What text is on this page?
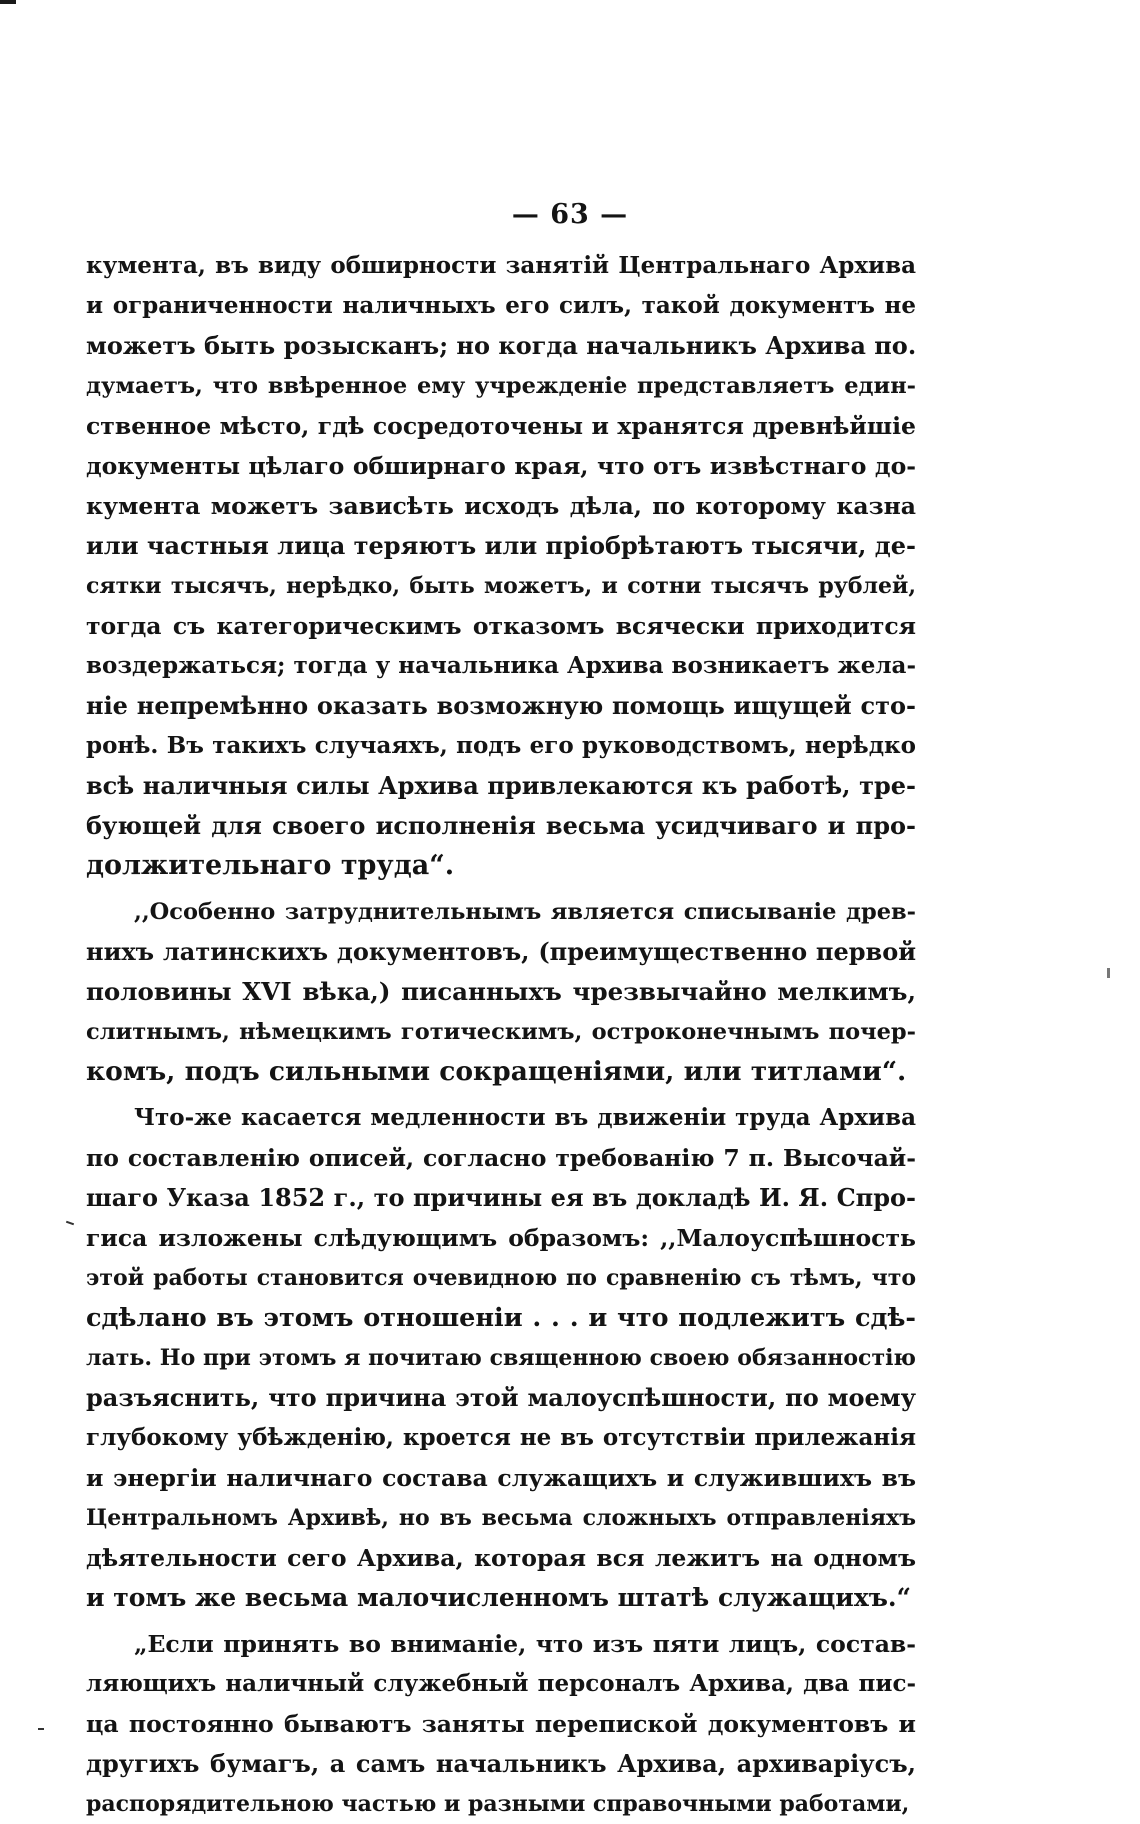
— 63 —
кумента, въ виду обширности занятій Центральнаго Архива
и ограниченности наличныхъ его силъ, такой документъ не
можетъ быть розысканъ; но когда начальникъ Архива по.
думаетъ, что ввѣренное ему учрежденіе представляетъ един-
ственное мѣсто, гдѣ сосредоточены и хранятся древнѣйшіе
документы цѣлаго обширнаго края, что отъ извѣстнаго до-
кумента можетъ зависѣть исходъ дѣла, по которому казна
или частныя лица теряютъ или пріобрѣтаютъ тысячи, де-
сятки тысячъ, нерѣдко, быть можетъ, и сотни тысячъ рублей,
тогда съ категорическимъ отказомъ всячески приходится
воздержаться; тогда у начальника Архива возникаетъ жела-
ніе непремѣнно оказать возможную помощь ищущей сто-
ронѣ. Въ такихъ случаяхъ, подъ его руководствомъ, нерѣдко
всѣ наличныя силы Архива привлекаются къ работѣ, тре-
бующей для своего исполненія весьма усидчиваго и про-
должительнаго труда“.
,,Особенно затруднительнымъ является списываніе древ-
нихъ латинскихъ документовъ, (преимущественно первой
половины XVI вѣка,) писанныхъ чрезвычайно мелкимъ,
слитнымъ, нѣмецкимъ готическимъ, остроконечнымъ почер-
комъ, подъ сильными сокращеніями, или титлами“.
Что-же касается медленности въ движеніи труда Архива
по составленію описей, согласно требованію 7 п. Высочай-
шаго Указа 1852 г., то причины ея въ докладѣ И. Я. Спро-
гиса изложены слѣдующимъ образомъ: ,,Малоуспѣшность
этой работы становится очевидною по сравненію съ тѣмъ, что
сдѣлано въ этомъ отношеніи . . . и что подлежитъ сдѣ-
лать. Но при этомъ я почитаю священною своею обязанностію
разъяснить, что причина этой малоуспѣшности, по моему
глубокому убѣжденію, кроется не въ отсутствіи прилежанія
и энергіи наличнаго состава служащихъ и служившихъ въ
Центральномъ Архивѣ, но въ весьма сложныхъ отправленіяхъ
дѣятельности сего Архива, которая вся лежитъ на одномъ
и томъ же весьма малочисленномъ штатѣ служащихъ.“
„Если принять во вниманіе, что изъ пяти лицъ, состав-
ляющихъ наличный служебный персоналъ Архива, два пис-
ца постоянно бываютъ заняты перепиской документовъ и
другихъ бумагъ, а самъ начальникъ Архива, архиваріусъ,
распорядительною частью и разными справочными работами,
